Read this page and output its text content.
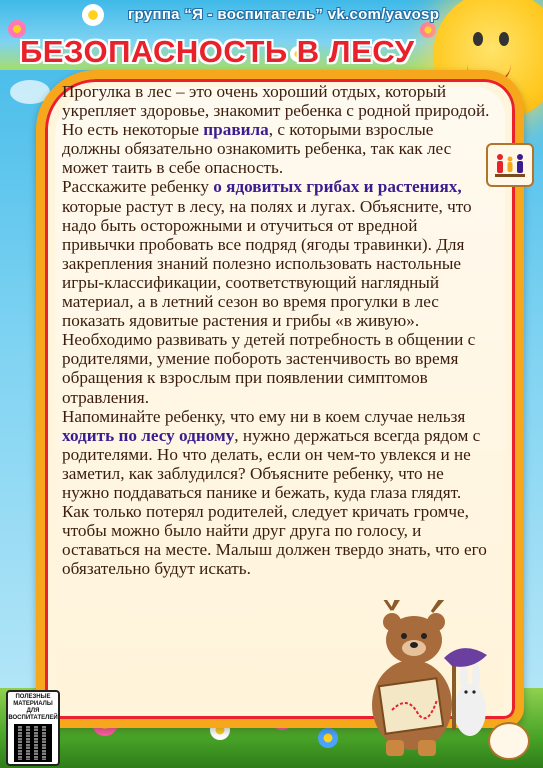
группа “Я - воспитатель” vk.com/yavosp
БЕЗОПАСНОСТЬ В ЛЕСУ

Прогулка в лес – это очень хороший отдых, который укрепляет здоровье, знакомит ребенка с родной природой. Но есть некоторые правила, с которыми взрослые должны обязательно ознакомить ребенка, так как лес может таить в себе опасность.

Расскажите ребенку о ядовитых грибах и растениях, которые растут в лесу, на полях и лугах. Объясните, что надо быть осторожными и отучиться от вредной привычки пробовать все подряд (ягоды травинки). Для закрепления знаний полезно использовать настольные игры-классификации, соответствующий наглядный материал, а в летний сезон во время прогулки в лес показать ядовитые растения и грибы «в живую».

Необходимо развивать у детей потребность в общении с родителями, умение побороть застенчивость во время обращения к взрослым при появлении симптомов отравления.

Напоминайте ребенку, что ему ни в коем случае нельзя ходить по лесу одному, нужно держаться всегда рядом с родителями. Но что делать, если он чем-то увлекся и не заметил, как заблудился? Объясните ребенку, что не нужно поддаваться панике и бежать, куда глаза глядят. Как только потерял родителей, следует кричать громче, чтобы можно было найти друг друга по голосу, и оставаться на месте. Малыш должен твердо знать, что его обязательно будут искать.

ПОЛЕЗНЫЕ МАТЕРИАЛЫ ДЛЯ ВОСПИТАТЕЛЕЙ
